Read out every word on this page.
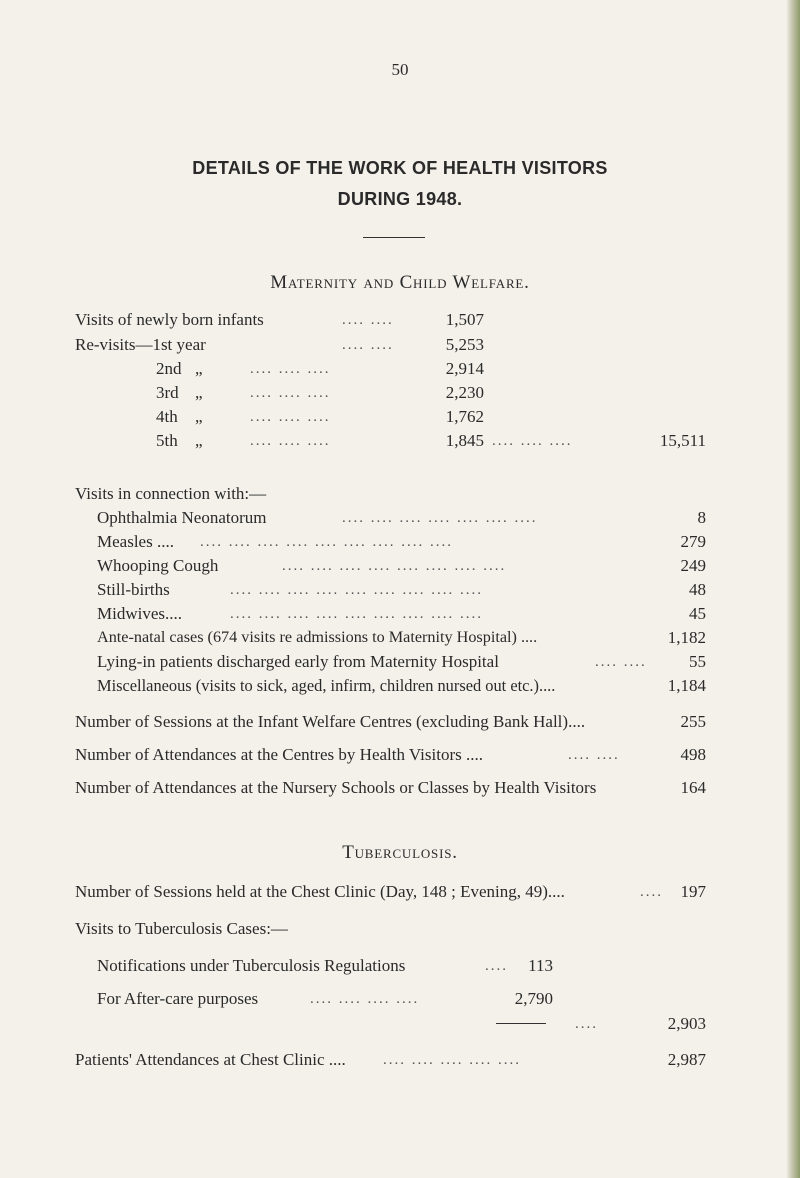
50
DETAILS OF THE WORK OF HEALTH VISITORS
DURING 1948.
Maternity and Child Welfare.
Visits of newly born infants	.... ....	1,507
Re-visits—1st year	.... ....	5,253
2nd „	.... .... ....	2,914
3rd „	.... .... ....	2,230
4th „	.... .... ....	1,762
5th „	.... .... ....	1,845 .... .... ....	15,511
Visits in connection with:—
Ophthalmia Neonatorum	.... .... .... .... .... .... ....	8
Measles .... .... .... .... .... .... .... .... .... ....	279
Whooping Cough	.... .... .... .... .... .... .... ....	249
Still-births	.... .... .... .... .... .... .... .... ....	48
Midwives....	.... .... .... .... .... .... .... .... ....	45
Ante-natal cases (674 visits re admissions to Maternity Hospital) ....	1,182
Lying-in patients discharged early from Maternity Hospital	.... ....	55
Miscellaneous (visits to sick, aged, infirm, children nursed out etc.)....	1,184
Number of Sessions at the Infant Welfare Centres (excluding Bank Hall)....	255
Number of Attendances at the Centres by Health Visitors ....	.... ....	498
Number of Attendances at the Nursery Schools or Classes by Health Visitors	164
Tuberculosis.
Number of Sessions held at the Chest Clinic (Day, 148 ; Evening, 49)....	....	197
Visits to Tuberculosis Cases:—
Notifications under Tuberculosis Regulations	....	113
For After-care purposes	.... .... .... ....	2,790
....	2,903
Patients' Attendances at Chest Clinic .... .... .... .... .... ....	2,987
